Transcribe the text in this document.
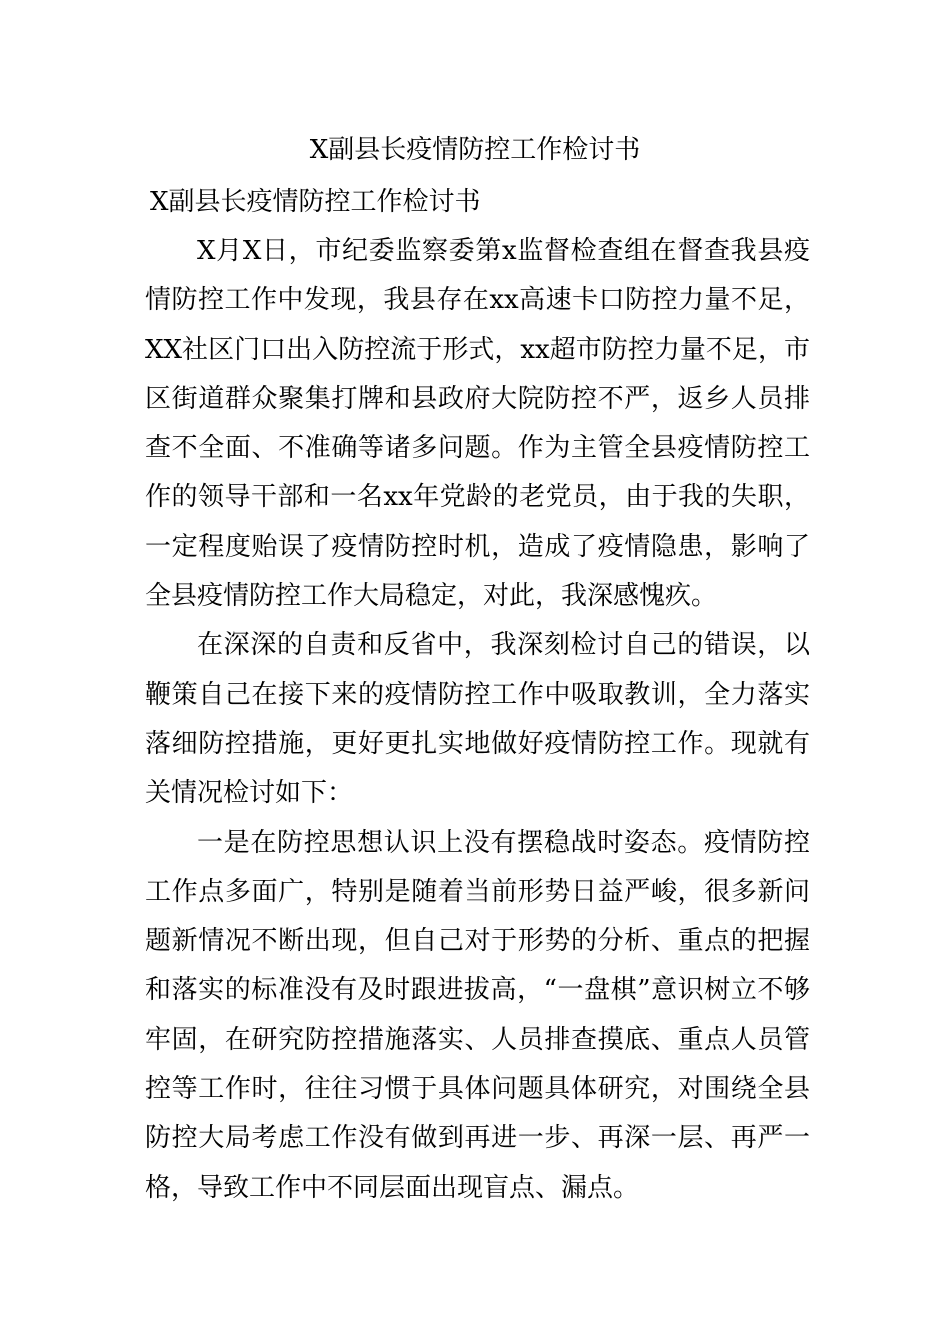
X副县长疫情防控工作检讨书
X副县长疫情防控工作检讨书

X月X日，市纪委监察委第x监督检查组在督查我县疫情防控工作中发现，我县存在xx高速卡口防控力量不足，XX社区门口出入防控流于形式，xx超市防控力量不足，市区街道群众聚集打牌和县政府大院防控不严，返乡人员排查不全面、不准确等诸多问题。作为主管全县疫情防控工作的领导干部和一名xx年党龄的老党员，由于我的失职，一定程度贻误了疫情防控时机，造成了疫情隐患，影响了全县疫情防控工作大局稳定，对此，我深感愧疚。

在深深的自责和反省中，我深刻检讨自己的错误，以鞭策自己在接下来的疫情防控工作中吸取教训，全力落实落细防控措施，更好更扎实地做好疫情防控工作。现就有关情况检讨如下：

一是在防控思想认识上没有摆稳战时姿态。疫情防控工作点多面广，特别是随着当前形势日益严峻，很多新问题新情况不断出现，但自己对于形势的分析、重点的把握和落实的标准没有及时跟进拔高，“一盘棋”意识树立不够牢固，在研究防控措施落实、人员排查摸底、重点人员管控等工作时，往往习惯于具体问题具体研究，对围绕全县防控大局考虑工作没有做到再进一步、再深一层、再严一格，导致工作中不同层面出现盲点、漏点。
